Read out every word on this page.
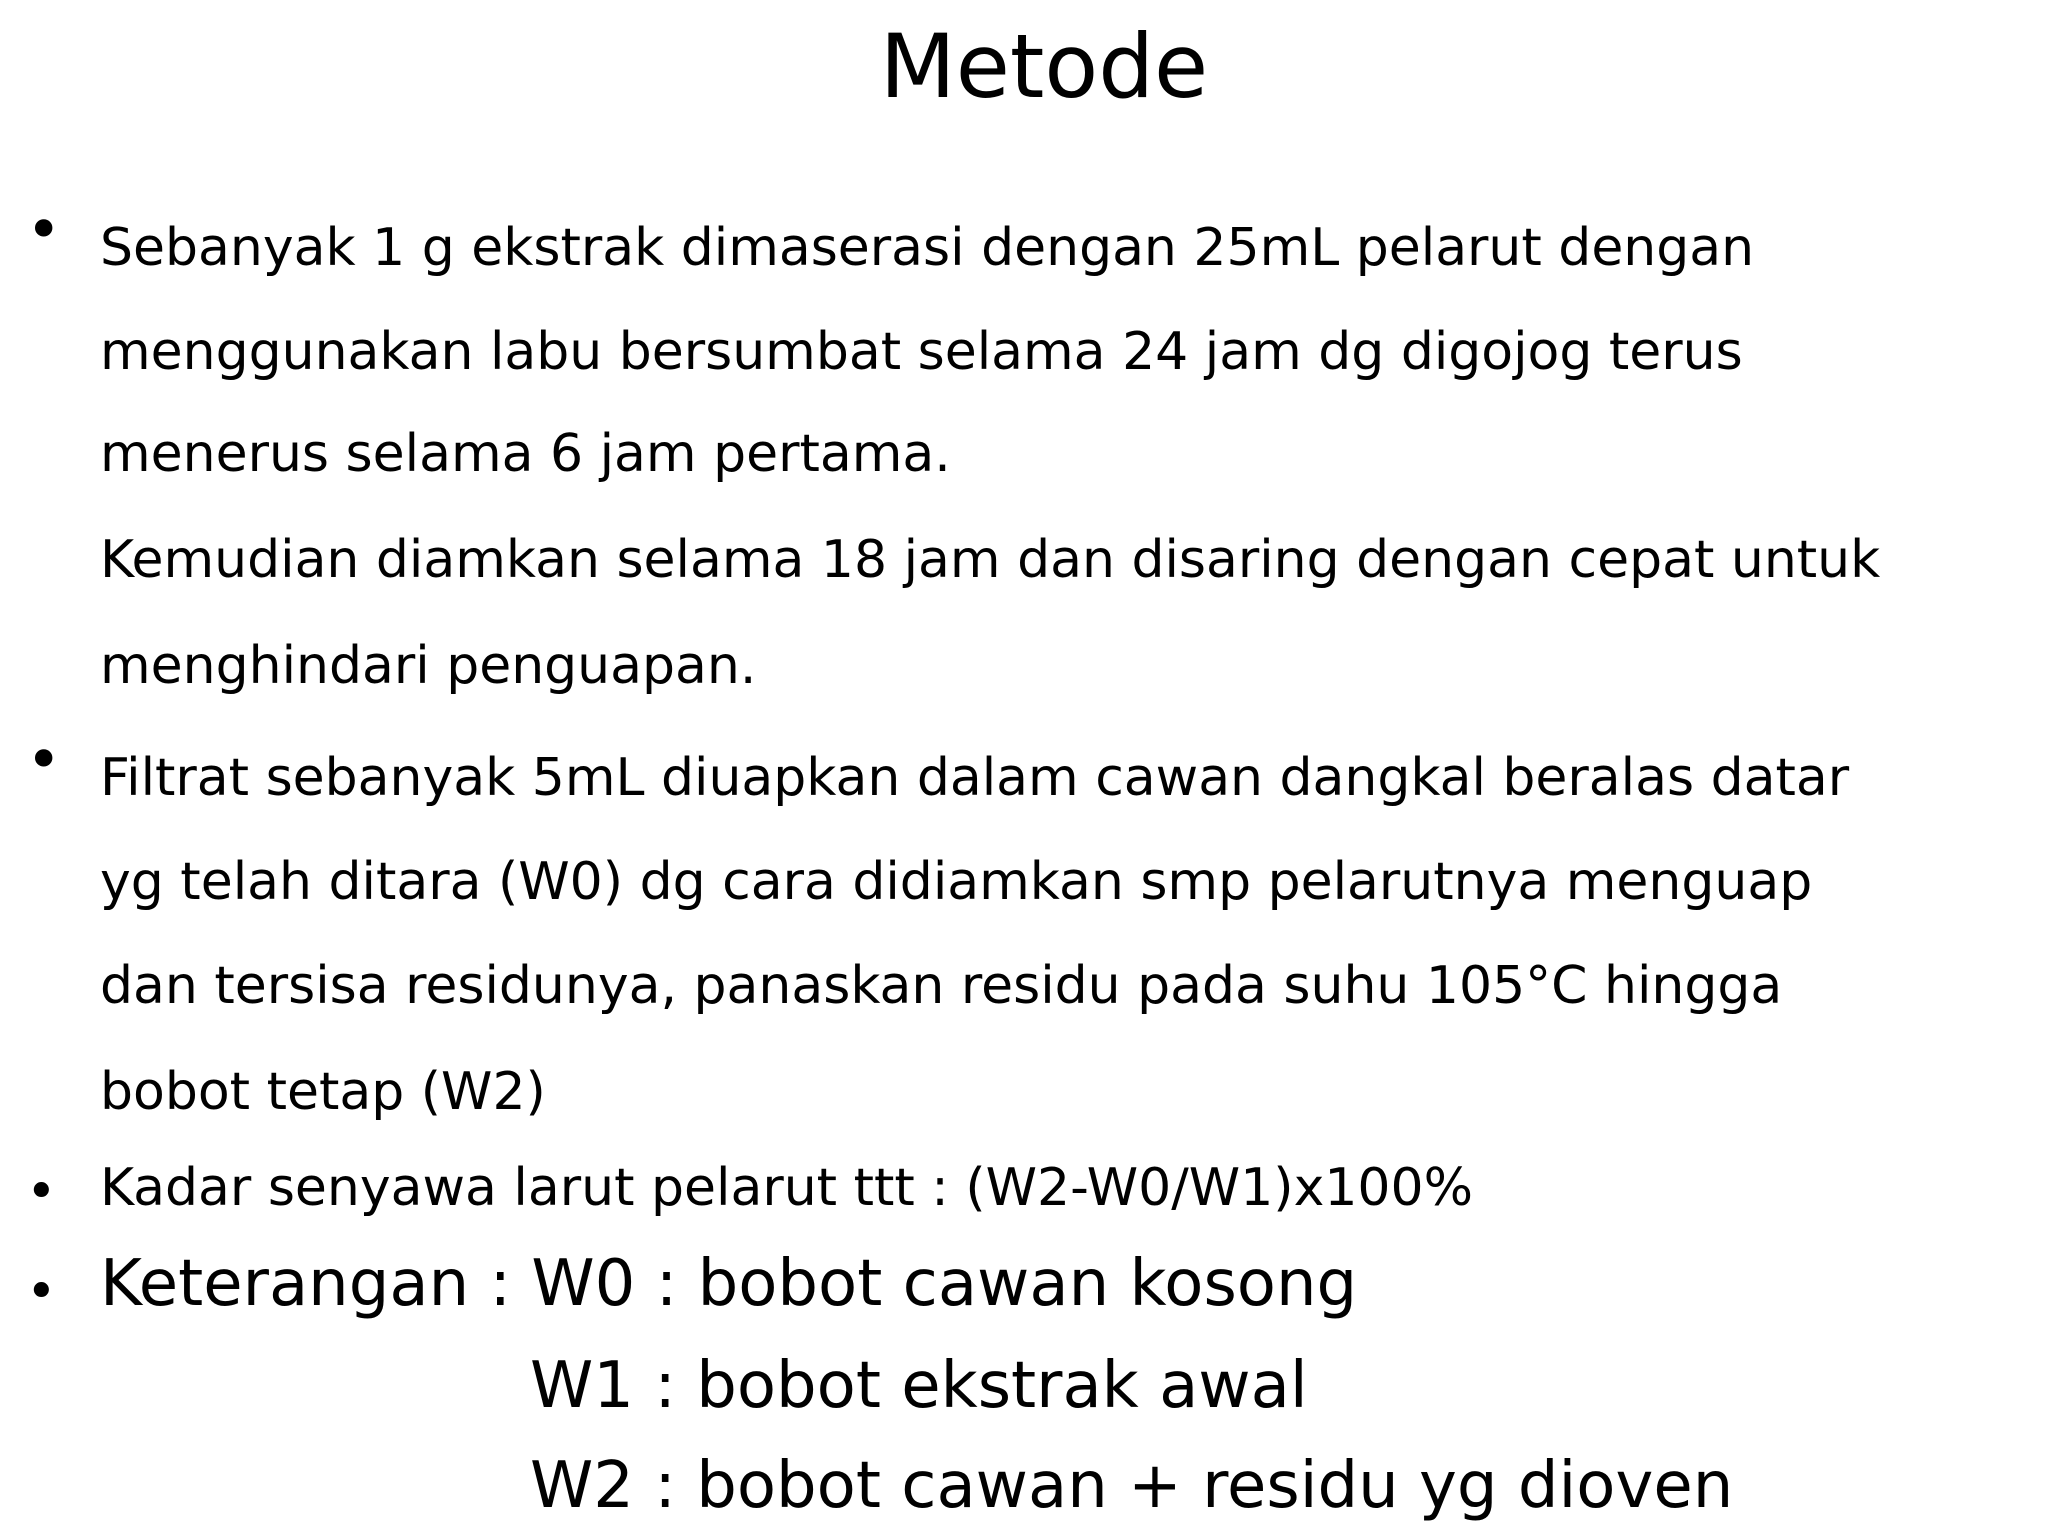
Metode
• Sebanyak 1 g ekstrak dimaserasi dengan 25mL pelarut dengan
menggunakan labu bersumbat selama 24 jam dg digojog terus
menerus selama 6 jam pertama.
Kemudian diamkan selama 18 jam dan disaring dengan cepat untuk
menghindari penguapan.
• Filtrat sebanyak 5mL diuapkan dalam cawan dangkal beralas datar
yg telah ditara (W0) dg cara didiamkan smp pelarutnya menguap
dan tersisa residunya, panaskan residu pada suhu 105°C hingga
bobot tetap (W2)
• Kadar senyawa larut pelarut ttt : (W2-W0/W1)x100%
• Keterangan : W0 : bobot cawan kosong
W1 : bobot ekstrak awal
W2 : bobot cawan + residu yg dioven
